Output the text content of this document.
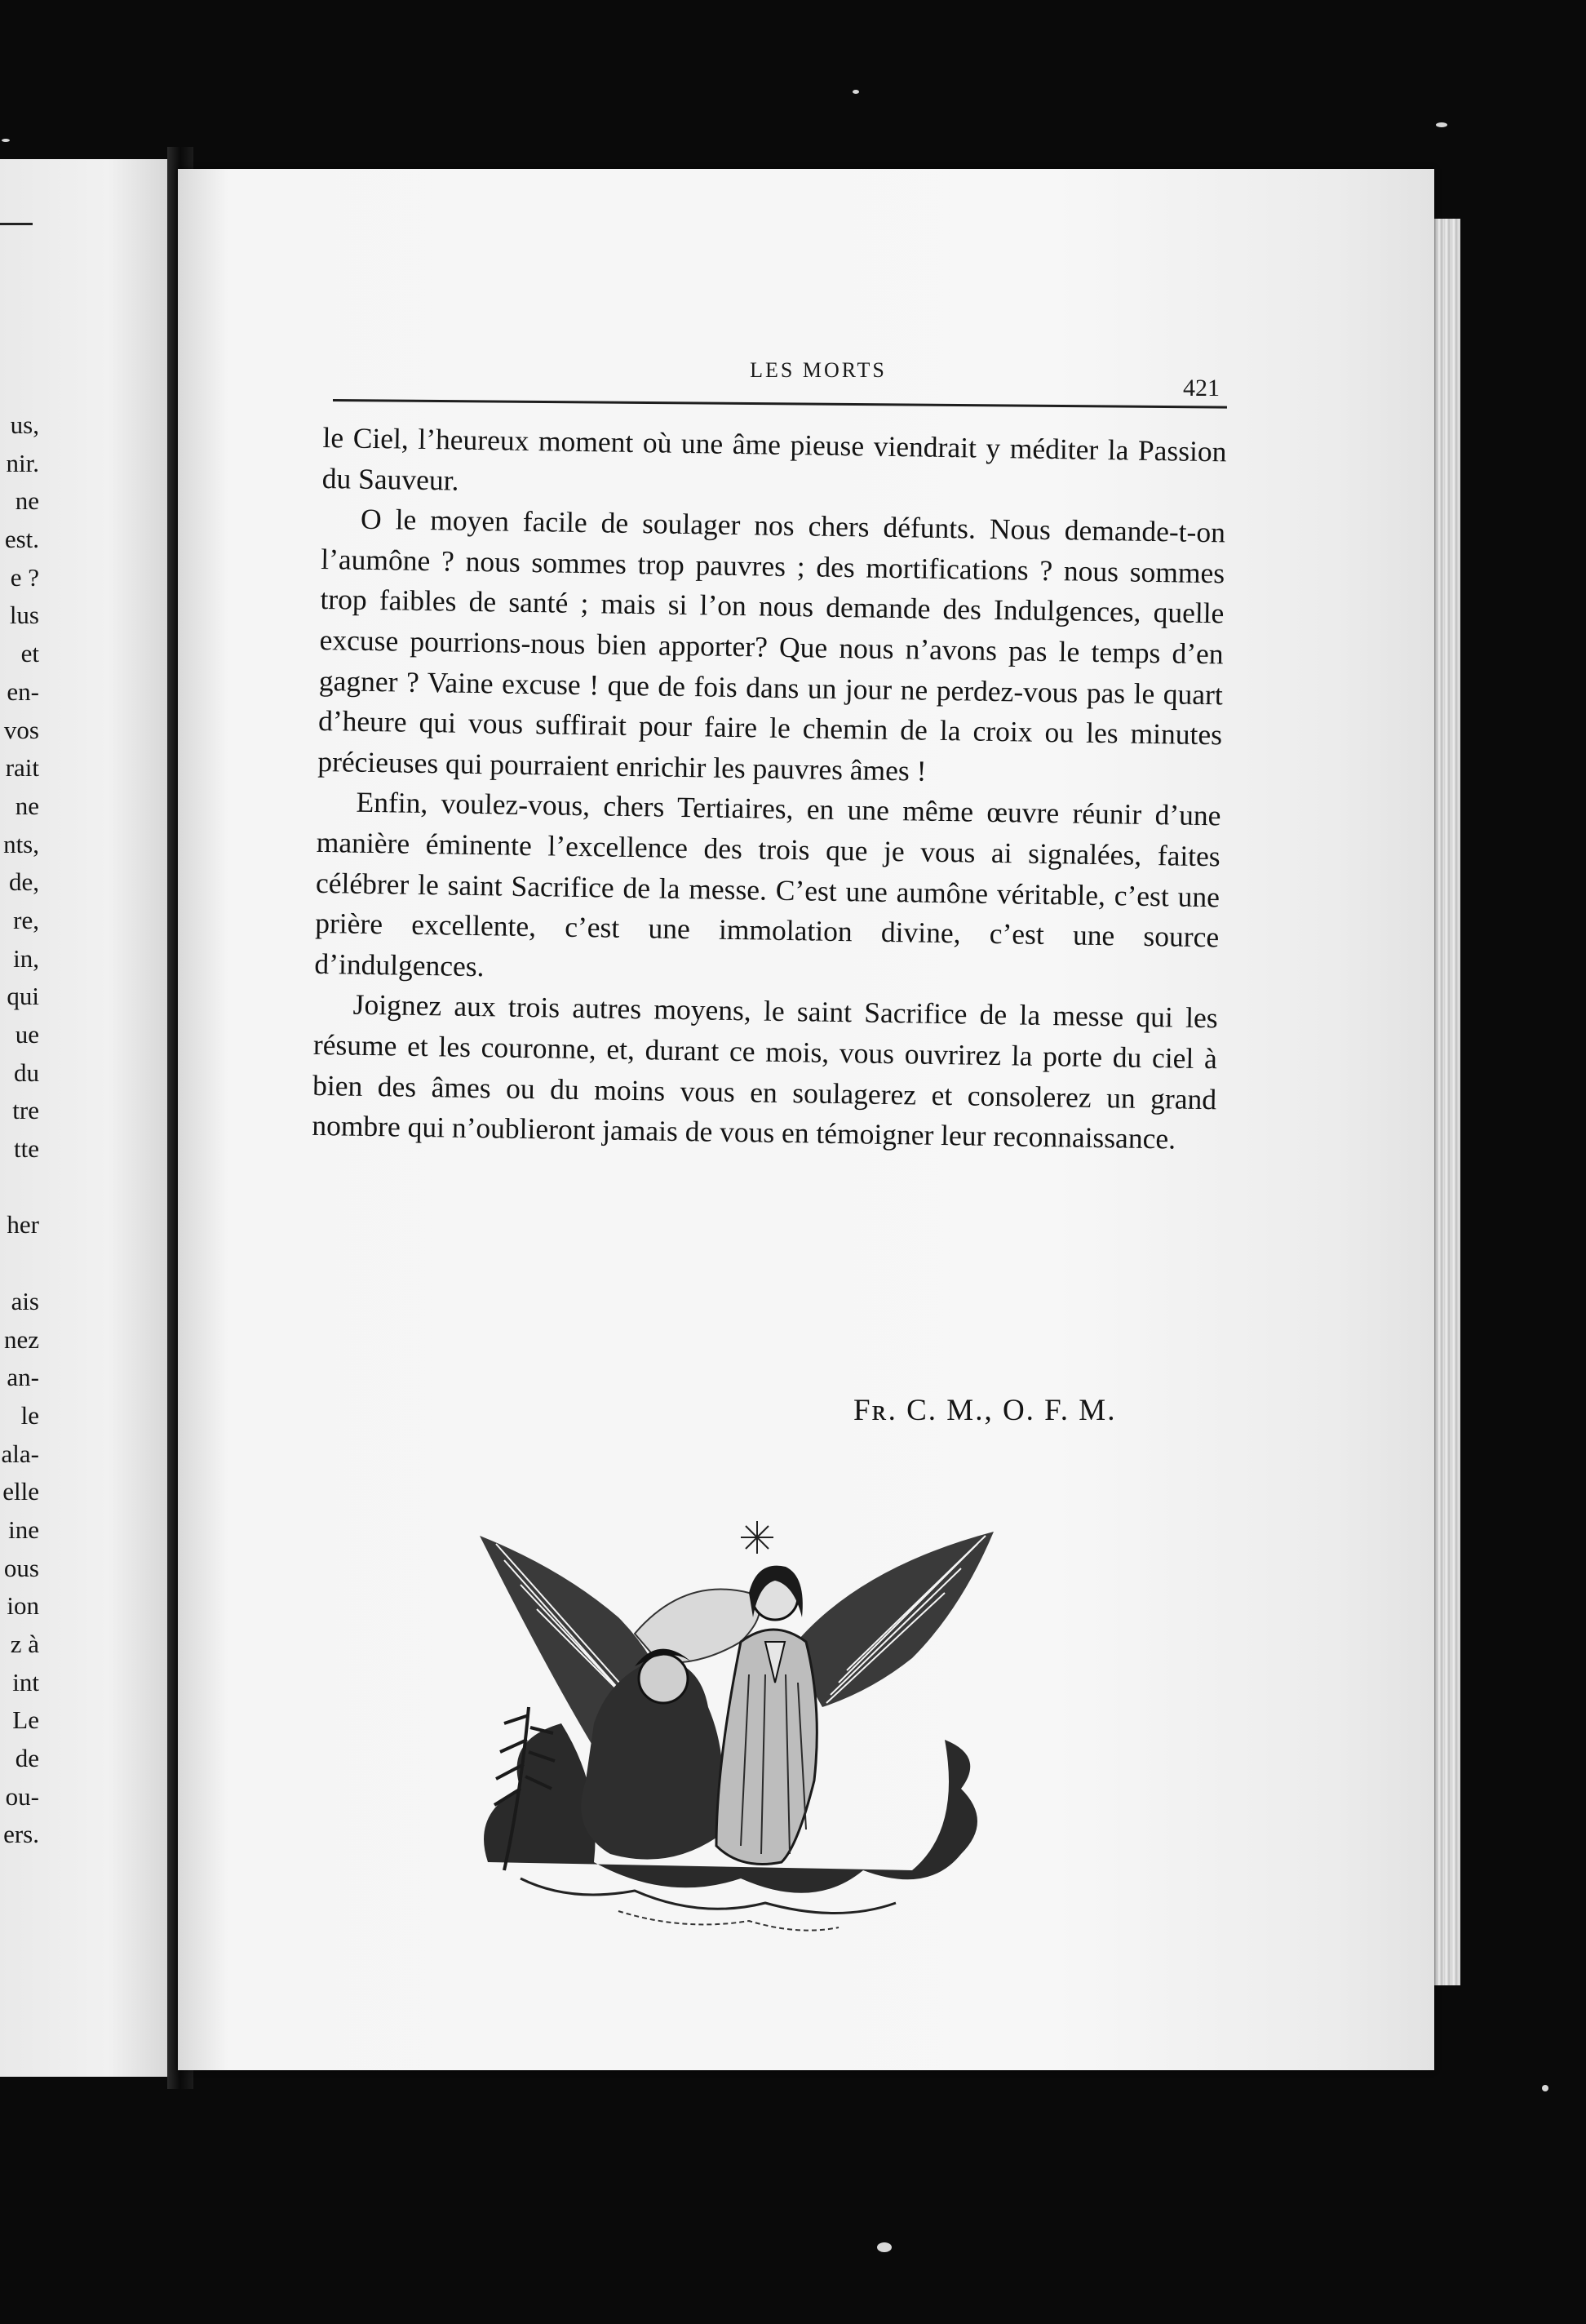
us,
nir.
ne
est.
e ?
lus
et
en-
vos
rait
ne
nts,
de,
re,
in,
qui
ue
du
tre
tte
her
ais
nez
an-
le
ala-
elle
ine
ous
ion
z à
int
Le
de
ou-
ers.
LES MORTS
421

le Ciel, l’heureux moment où une âme pieuse viendrait y méditer la Passion du Sauveur.

O le moyen facile de soulager nos chers défunts. Nous demande-t-on l’aumône ? nous sommes trop pauvres ; des mortifications ? nous sommes trop faibles de santé ; mais si l’on nous demande des Indulgences, quelle excuse pourrions-nous bien apporter? Que nous n’avons pas le temps d’en gagner ? Vaine excuse ! que de fois dans un jour ne perdez-vous pas le quart d’heure qui vous suffirait pour faire le chemin de la croix ou les minutes précieuses qui pourraient enrichir les pauvres âmes !

Enfin, voulez-vous, chers Tertiaires, en une même œuvre réunir d’une manière éminente l’excellence des trois que je vous ai signalées, faites célébrer le saint Sacrifice de la messe. C’est une aumône véritable, c’est une prière excellente, c’est une immolation divine, c’est une source d’indulgences.

Joignez aux trois autres moyens, le saint Sacrifice de la messe qui les résume et les couronne, et, durant ce mois, vous ouvrirez la porte du ciel à bien des âmes ou du moins vous en soulagerez et consolerez un grand nombre qui n’oublieront jamais de vous en témoigner leur reconnaissance.

Fʀ. C. M., O. F. M.
